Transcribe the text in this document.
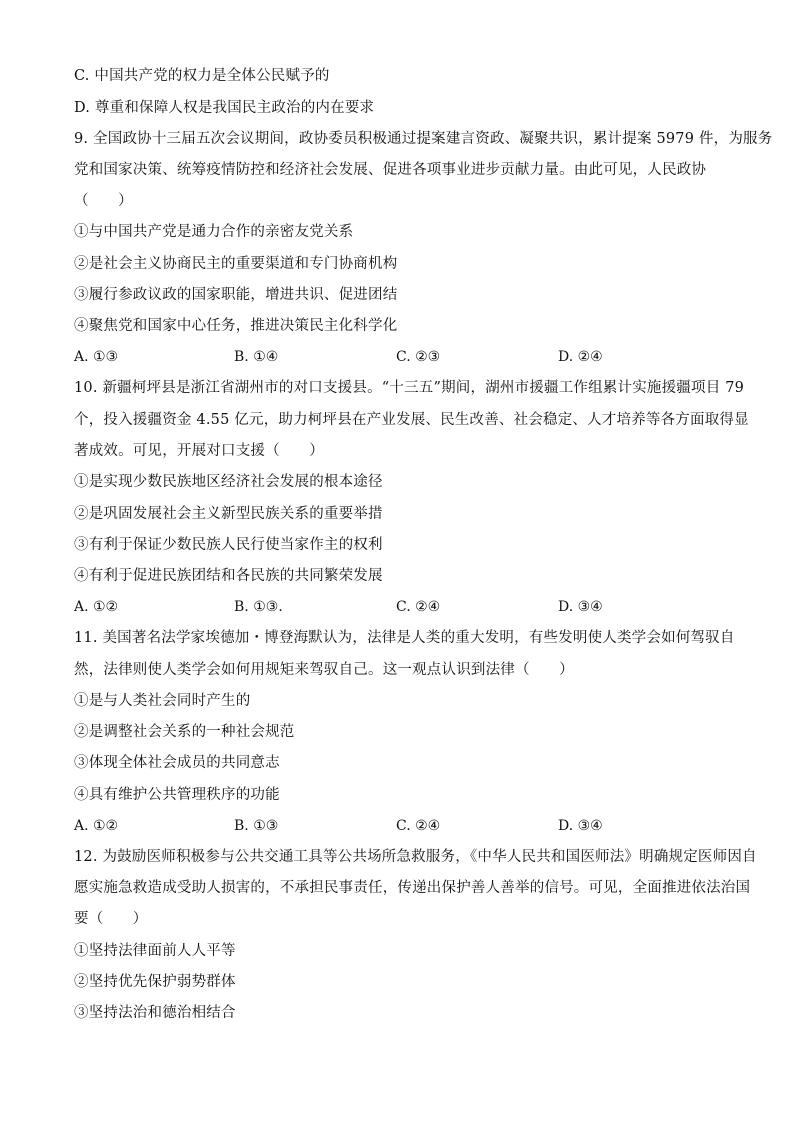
C. 中国共产党的权力是全体公民赋予的
D. 尊重和保障人权是我国民主政治的内在要求
9. 全国政协十三届五次会议期间，政协委员积极通过提案建言资政、凝聚共识，累计提案 5979 件，为服务
党和国家决策、统筹疫情防控和经济社会发展、促进各项事业进步贡献力量。由此可见，人民政协
（　　）
①与中国共产党是通力合作的亲密友党关系
②是社会主义协商民主的重要渠道和专门协商机构
③履行参政议政的国家职能，增进共识、促进团结
④聚焦党和国家中心任务，推进决策民主化科学化
A. ①③	B. ①④	C. ②③	D. ②④
10. 新疆柯坪县是浙江省湖州市的对口支援县。“十三五”期间，湖州市援疆工作组累计实施援疆项目 79
个，投入援疆资金 4.55 亿元，助力柯坪县在产业发展、民生改善、社会稳定、人才培养等各方面取得显
著成效。可见，开展对口支援（　　）
①是实现少数民族地区经济社会发展的根本途径
②是巩固发展社会主义新型民族关系的重要举措
③有利于保证少数民族人民行使当家作主的权利
④有利于促进民族团结和各民族的共同繁荣发展
A. ①②	B. ①③.	C. ②④	D. ③④
11. 美国著名法学家埃德加・博登海默认为，法律是人类的重大发明，有些发明使人类学会如何驾驭自
然，法律则使人类学会如何用规矩来驾驭自己。这一观点认识到法律（　　）
①是与人类社会同时产生的
②是调整社会关系的一种社会规范
③体现全体社会成员的共同意志
④具有维护公共管理秩序的功能
A. ①②	B. ①③	C. ②④	D. ③④
12. 为鼓励医师积极参与公共交通工具等公共场所急救服务，《中华人民共和国医师法》明确规定医师因自
愿实施急救造成受助人损害的，不承担民事责任，传递出保护善人善举的信号。可见，全面推进依法治国
要（　　）
①坚持法律面前人人平等
②坚持优先保护弱势群体
③坚持法治和德治相结合
